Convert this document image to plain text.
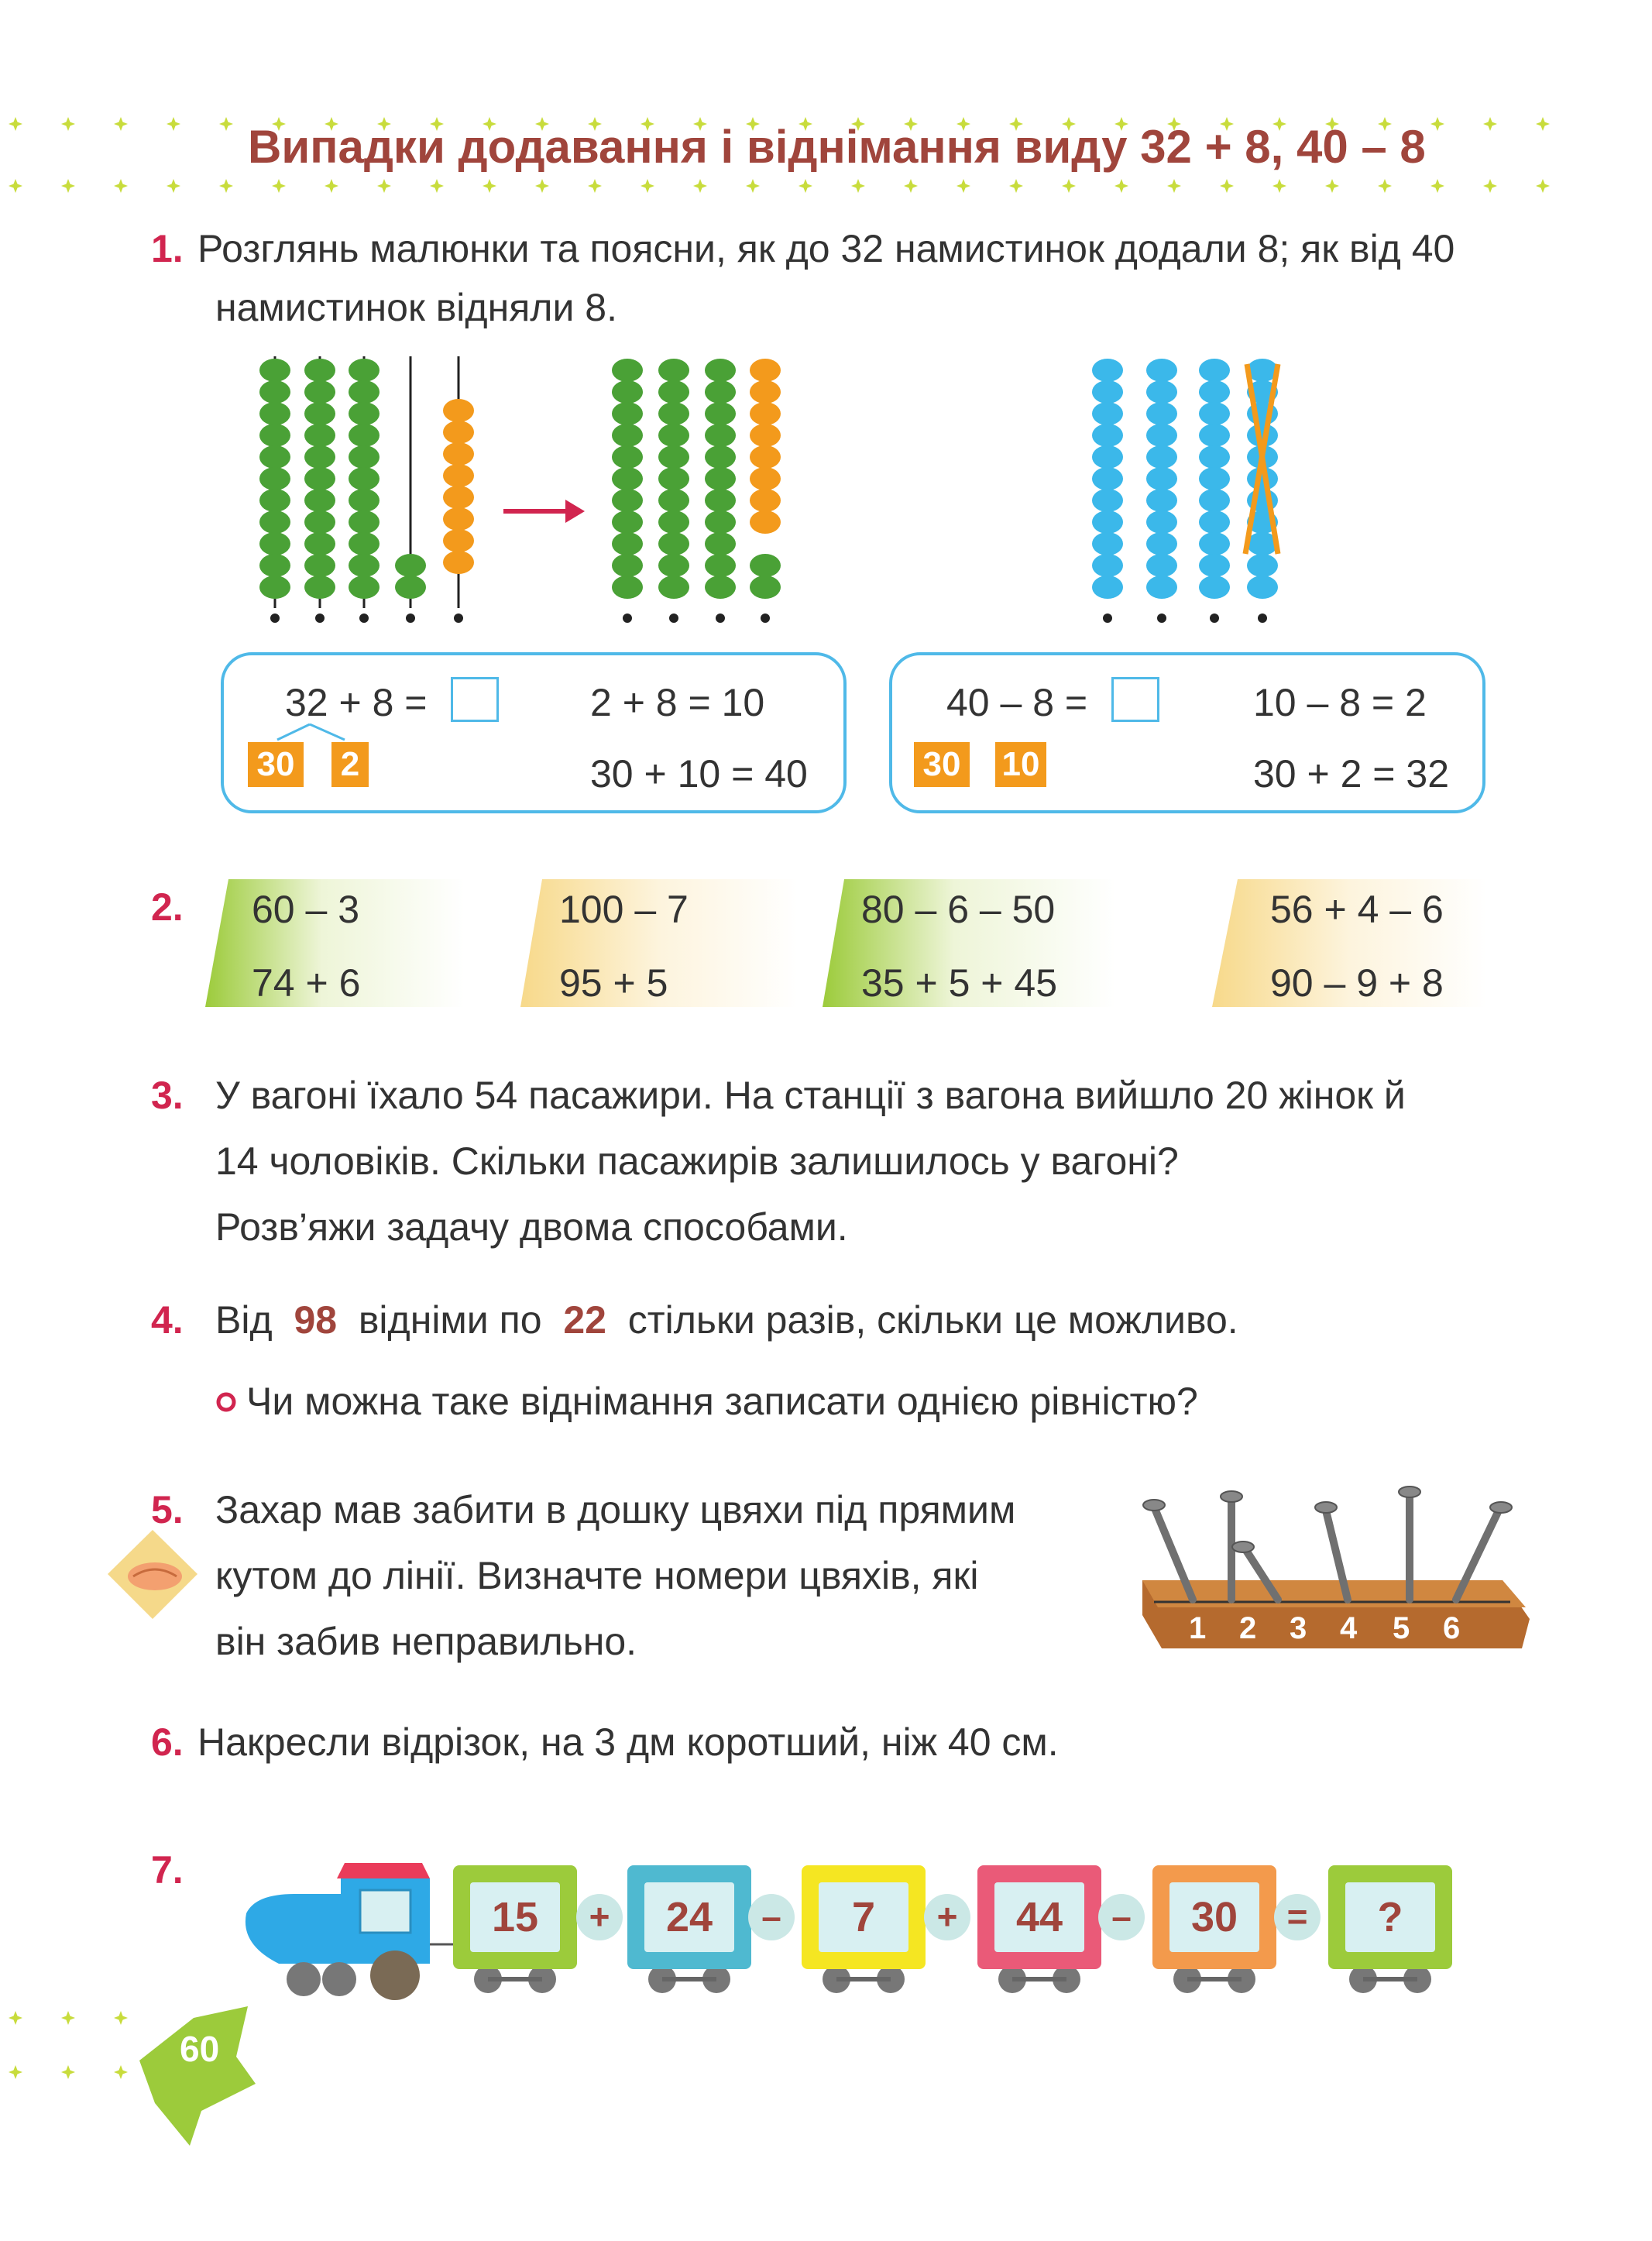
Випадки додавання і віднімання виду 32 + 8, 40 – 8
1. Розглянь малюнки та поясни, як до 32 намистинок додали 8; як від 40
намистинок відняли 8.
32 + 8 =
30 2
2 + 8 = 10
30 + 10 = 40
40 – 8 =
30 10
10 – 8 = 2
30 + 2 = 32
2. 60 – 3
74 + 6
100 – 7
95 + 5
80 – 6 – 50
35 + 5 + 45
56 + 4 – 6
90 – 9 + 8
3. У вагоні їхало 54 пасажири. На станції з вагона вийшло 20 жінок й
14 чоловіків. Скільки пасажирів залишилось у вагоні?
Розв’яжи задачу двома способами.
4. Від 98 відніми по 22 стільки разів, скільки це можливо.
Чи можна таке віднімання записати однією рівністю?
5. Захар мав забити в дошку цвяхи під прямим
кутом до лінії. Визначте номери цвяхів, які
він забив неправильно.	1 2 3 4 5 6
6. Накресли відрізок, на 3 дм коротший, ніж 40 см.
7.
15	+	24	–	7	+	44	–	30	=	?
60
